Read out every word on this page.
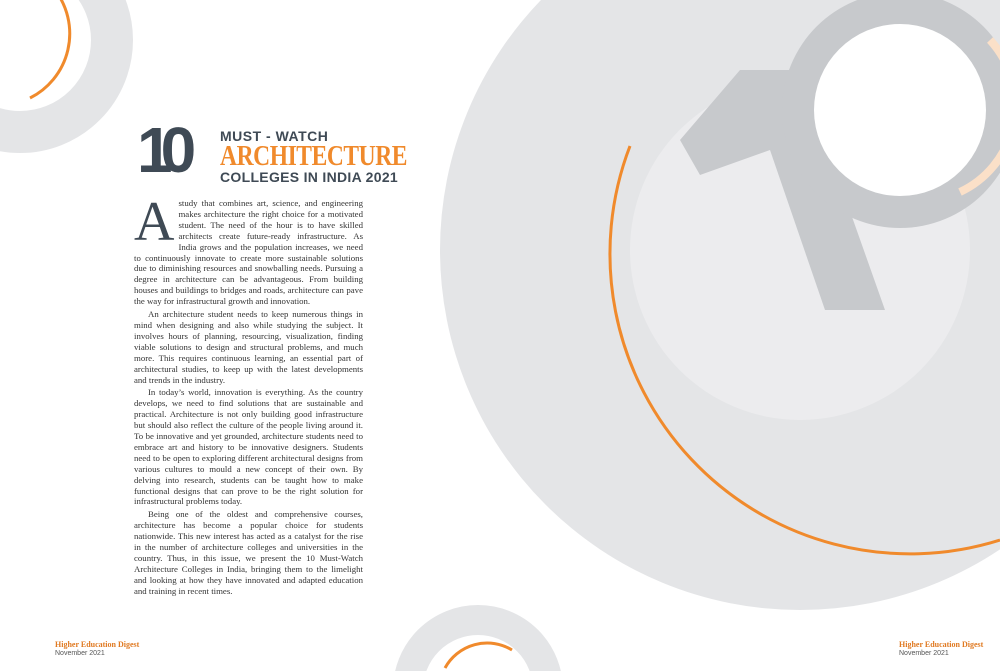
10	MUST - WATCH
ARCHITECTURE
COLLEGES IN INDIA 2021

Astudy that combines art, science, and engineering makes architecture the right choice for a motivated student. The need of the hour is to have skilled architects create future-ready infrastructure. As India grows and the population increases, we need to continuously innovate to create more sustainable solutions due to diminishing resources and snowballing needs. Pursuing a degree in architecture can be advantageous. From building houses and buildings to bridges and roads, architecture can pave the way for infrastructural growth and innovation.

An architecture student needs to keep numerous things in mind when designing and also while studying the subject. It involves hours of planning, resourcing, visualization, finding viable solutions to design and structural problems, and much more. This requires continuous learning, an essential part of architectural studies, to keep up with the latest developments and trends in the industry.

In today’s world, innovation is everything. As the country develops, we need to find solutions that are sustainable and practical. Architecture is not only building good infrastructure but should also reflect the culture of the people living around it. To be innovative and yet grounded, architecture students need to embrace art and history to be innovative designers. Students need to be open to exploring different architectural designs from various cultures to mould a new concept of their own. By delving into research, students can be taught how to make functional designs that can prove to be the right solution for infrastructural problems today.

Being one of the oldest and comprehensive courses, architecture has become a popular choice for students nationwide. This new interest has acted as a catalyst for the rise in the number of architecture colleges and universities in the country. Thus, in this issue, we present the 10 Must-Watch Architecture Colleges in India, bringing them to the limelight and looking at how they have innovated and adapted education and training in recent times.

Higher Education Digest
November 2021
Higher Education Digest
November 2021
